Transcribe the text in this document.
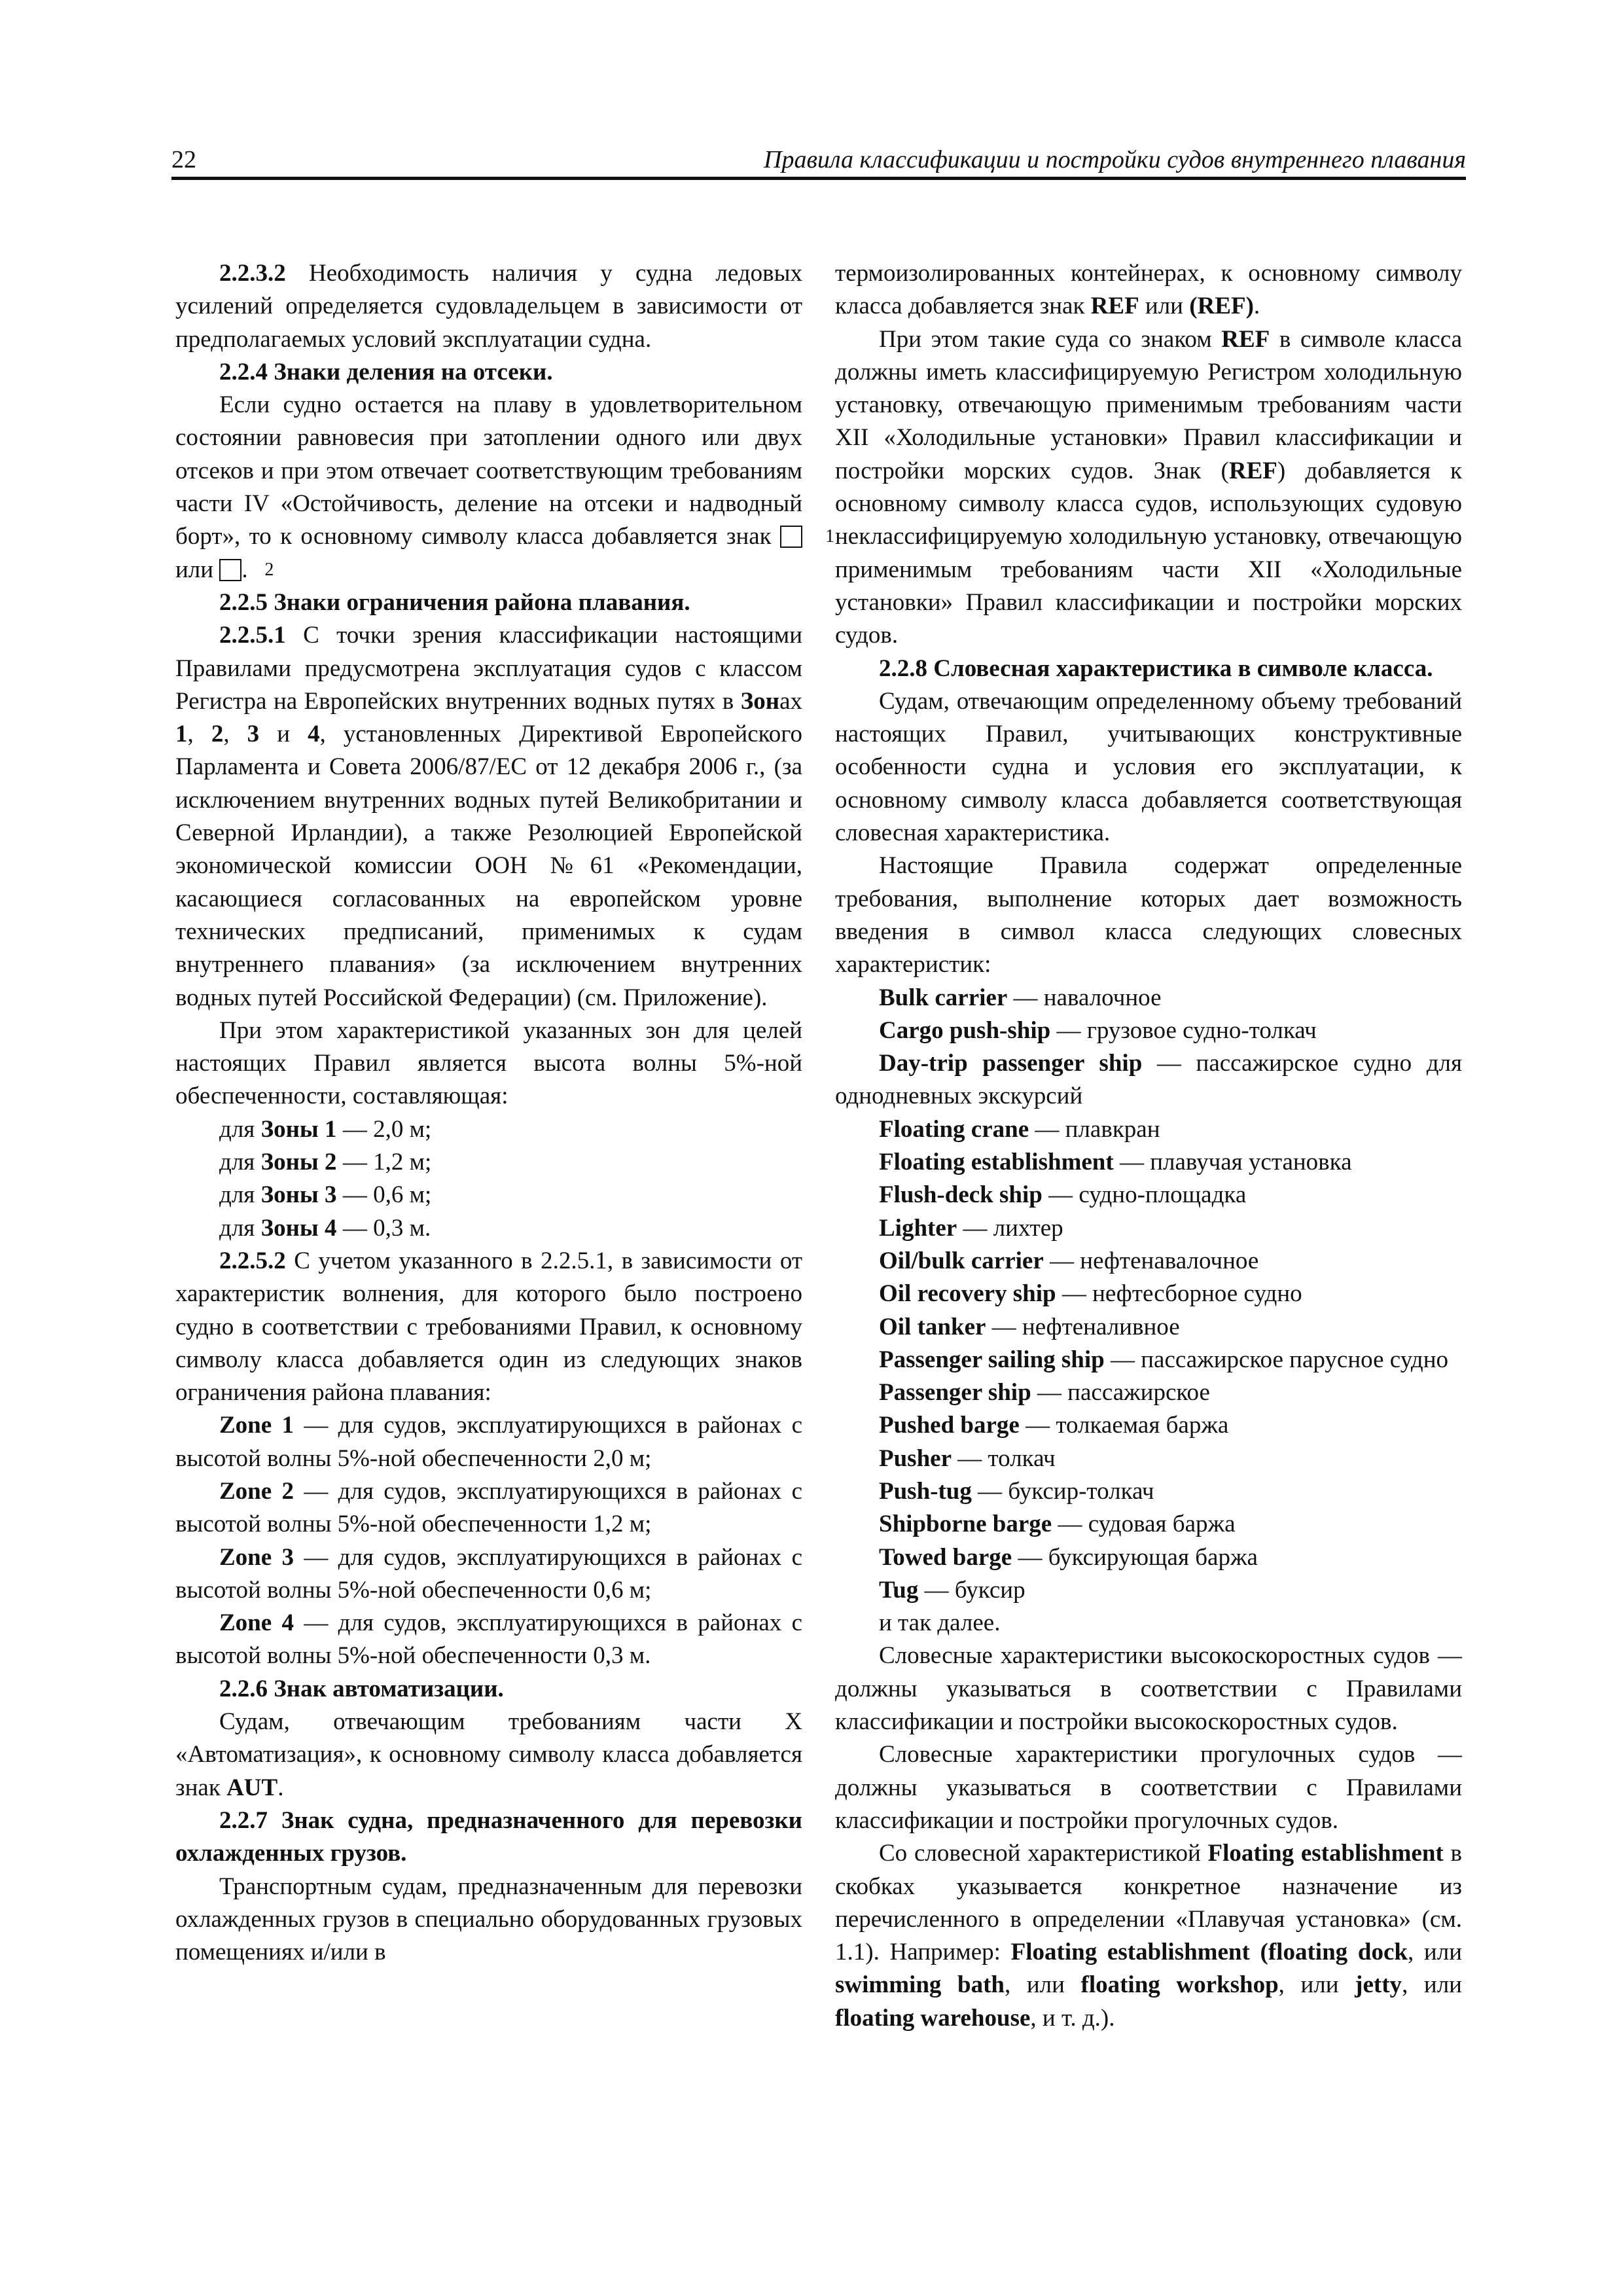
22	Правила классификации и постройки судов внутреннего плавания

2.2.3.2 Необходимость наличия у судна ледовых усилений определяется судовладельцем в зависимости от предполагаемых условий эксплуатации судна.

2.2.4 Знаки деления на отсеки.

Если судно остается на плаву в удовлетворительном состоянии равновесия при затоплении одного или двух отсеков и при этом отвечает соответствующим требованиям части IV «Остойчивость, деление на отсеки и надводный борт», то к основному символу класса добавляется знак 1 или 2.

2.2.5 Знаки ограничения района плавания.

2.2.5.1 С точки зрения классификации настоящими Правилами предусмотрена эксплуатация судов с классом Регистра на Европейских внутренних водных путях в Зонах 1, 2, 3 и 4, установленных Директивой Европейского Парламента и Совета 2006/87/ЕС от 12 декабря 2006 г., (за исключением внутренних водных путей Великобритании и Северной Ирландии), а также Резолюцией Европейской экономической комиссии ООН №61 «Рекомендации, касающиеся согласованных на европейском уровне технических предписаний, применимых к судам внутреннего плавания» (за исключением внутренних водных путей Российской Федерации) (см. Приложение).

При этом характеристикой указанных зон для целей настоящих Правил является высота волны 5%-ной обеспеченности, составляющая:

для Зоны 1 — 2,0 м;

для Зоны 2 — 1,2 м;

для Зоны 3 — 0,6 м;

для Зоны 4 — 0,3 м.

2.2.5.2 С учетом указанного в 2.2.5.1, в зависимости от характеристик волнения, для которого было построено судно в соответствии с требованиями Правил, к основному символу класса добавляется один из следующих знаков ограничения района плавания:

Zone 1 — для судов, эксплуатирующихся в районах с высотой волны 5%-ной обеспеченности 2,0 м;

Zone 2 — для судов, эксплуатирующихся в районах с высотой волны 5%-ной обеспеченности 1,2 м;

Zone 3 — для судов, эксплуатирующихся в районах с высотой волны 5%-ной обеспеченности 0,6 м;

Zone 4 — для судов, эксплуатирующихся в районах с высотой волны 5%-ной обеспеченности 0,3 м.

2.2.6 Знак автоматизации.

Судам, отвечающим требованиям части X «Автоматизация», к основному символу класса добавляется знак AUT.

2.2.7 Знак судна, предназначенного для перевозки охлажденных грузов.

Транспортным судам, предназначенным для перевозки охлажденных грузов в специально оборудованных грузовых помещениях и/или в

термоизолированных контейнерах, к основному символу класса добавляется знак REF или (REF).

При этом такие суда со знаком REF в символе класса должны иметь классифицируемую Регистром холодильную установку, отвечающую применимым требованиям части XII «Холодильные установки» Правил классификации и постройки морских судов. Знак (REF) добавляется к основному символу класса судов, использующих судовую неклассифицируемую холодильную установку, отвечающую применимым требованиям части XII «Холодильные установки» Правил классификации и постройки морских судов.

2.2.8 Словесная характеристика в символе класса.

Судам, отвечающим определенному объему требований настоящих Правил, учитывающих конструктивные особенности судна и условия его эксплуатации, к основному символу класса добавляется соответствующая словесная характеристика.

Настоящие Правила содержат определенные требования, выполнение которых дает возможность введения в символ класса следующих словесных характеристик:

Bulk carrier — навалочное

Cargo push-ship — грузовое судно-толкач

Day-trip passenger ship — пассажирское судно для однодневных экскурсий

Floating crane — плавкран

Floating establishment — плавучая установка

Flush-deck ship — судно-площадка

Lighter — лихтер

Oil/bulk carrier — нефтенавалочное

Oil recovery ship — нефтесборное судно

Oil tanker — нефтеналивное

Passenger sailing ship — пассажирское парусное судно

Passenger ship — пассажирское

Pushed barge — толкаемая баржа

Pusher — толкач

Push-tug — буксир-толкач

Shipborne barge — судовая баржа

Towed barge — буксирующая баржа

Tug — буксир

и так далее.

Словесные характеристики высокоскоростных судов — должны указываться в соответствии с Правилами классификации и постройки высокоскоростных судов.

Словесные характеристики прогулочных судов — должны указываться в соответствии с Правилами классификации и постройки прогулочных судов.

Со словесной характеристикой Floating establishment в скобках указывается конкретное назначение из перечисленного в определении «Плавучая установка» (см. 1.1). Например: Floating establishment (floating dock, или swimming bath, или floating workshop, или jetty, или floating warehouse, и т. д.).
